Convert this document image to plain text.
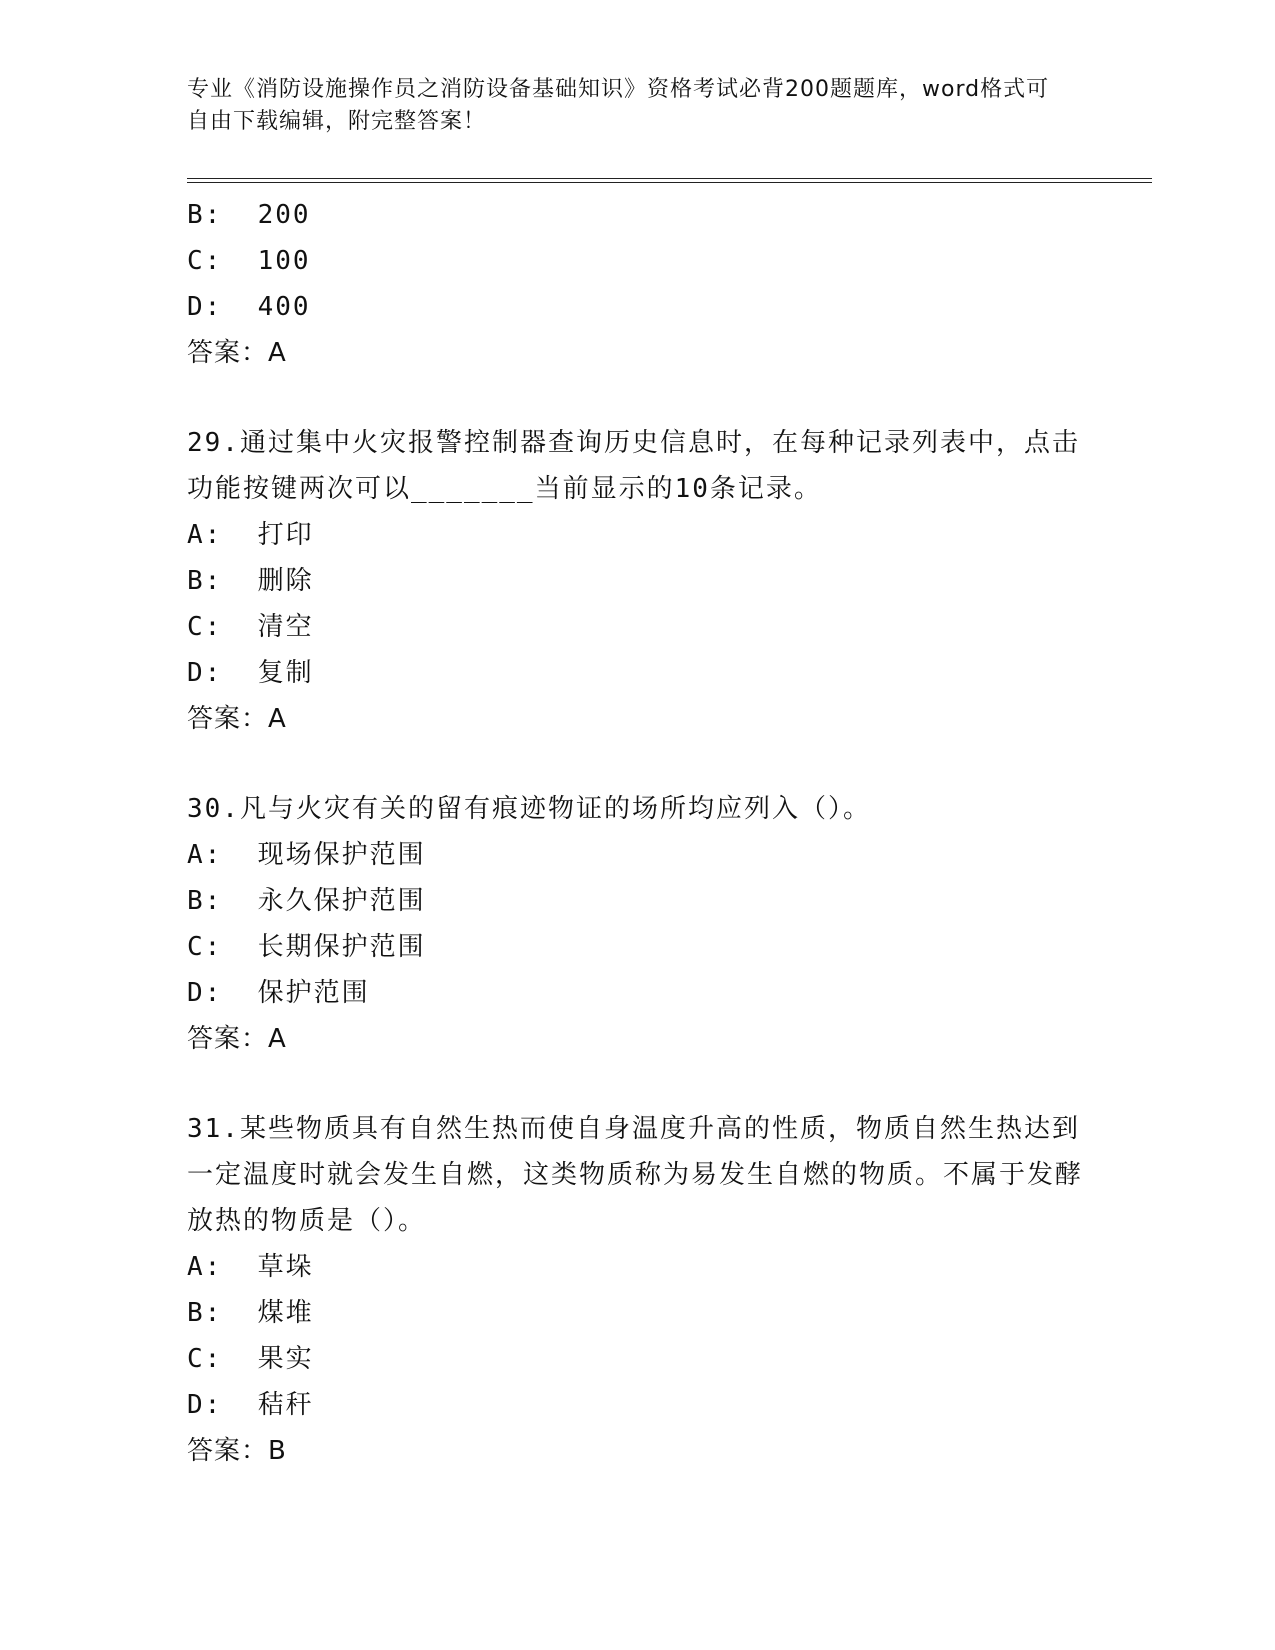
专业《消防设施操作员之消防设备基础知识》资格考试必背200题题库，word格式可自由下载编辑，附完整答案！
B: 200
C: 100
D: 400
答案：A
29.通过集中火灾报警控制器查询历史信息时，在每种记录列表中，点击功能按键两次可以_______当前显示的10条记录。
A: 打印
B: 删除
C: 清空
D: 复制
答案：A
30.凡与火灾有关的留有痕迹物证的场所均应列入（）。
A: 现场保护范围
B: 永久保护范围
C: 长期保护范围
D: 保护范围
答案：A
31.某些物质具有自然生热而使自身温度升高的性质，物质自然生热达到一定温度时就会发生自燃，这类物质称为易发生自燃的物质。不属于发酵放热的物质是（）。
A: 草垛
B: 煤堆
C: 果实
D: 秸秆
答案：B
